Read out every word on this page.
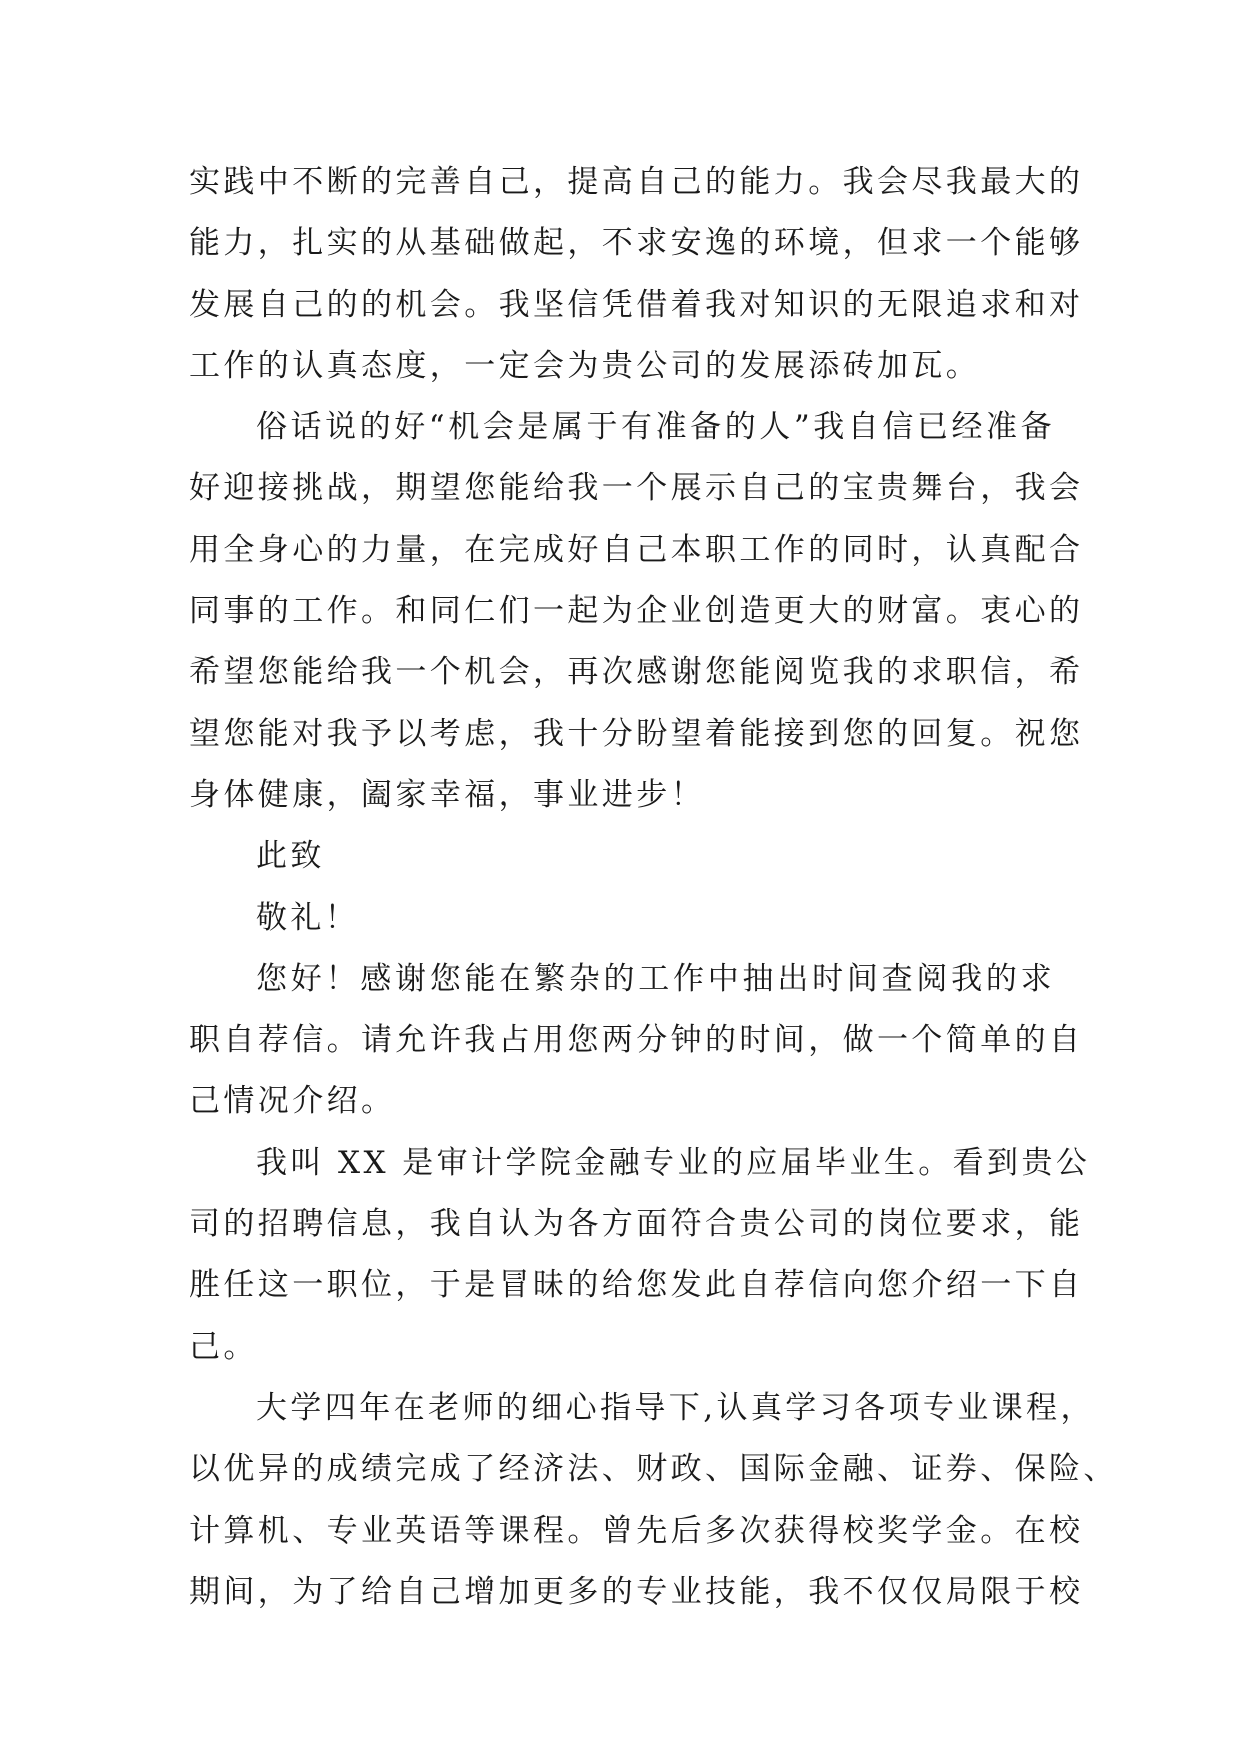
实践中不断的完善自己，提高自己的能力。我会尽我最大的
能力，扎实的从基础做起，不求安逸的环境，但求一个能够
发展自己的的机会。我坚信凭借着我对知识的无限追求和对
工作的认真态度，一定会为贵公司的发展添砖加瓦。
俗话说的好“机会是属于有准备的人”我自信已经准备
好迎接挑战，期望您能给我一个展示自己的宝贵舞台，我会
用全身心的力量，在完成好自己本职工作的同时，认真配合
同事的工作。和同仁们一起为企业创造更大的财富。衷心的
希望您能给我一个机会，再次感谢您能阅览我的求职信，希
望您能对我予以考虑，我十分盼望着能接到您的回复。祝您
身体健康，阖家幸福，事业进步！
此致
敬礼！
您好！感谢您能在繁杂的工作中抽出时间查阅我的求
职自荐信。请允许我占用您两分钟的时间，做一个简单的自
己情况介绍。
我叫 XX 是审计学院金融专业的应届毕业生。看到贵公
司的招聘信息，我自认为各方面符合贵公司的岗位要求，能
胜任这一职位，于是冒昧的给您发此自荐信向您介绍一下自
己。
大学四年在老师的细心指导下,认真学习各项专业课程，
以优异的成绩完成了经济法、财政、国际金融、证券、保险、
计算机、专业英语等课程。曾先后多次获得校奖学金。在校
期间，为了给自己增加更多的专业技能，我不仅仅局限于校
